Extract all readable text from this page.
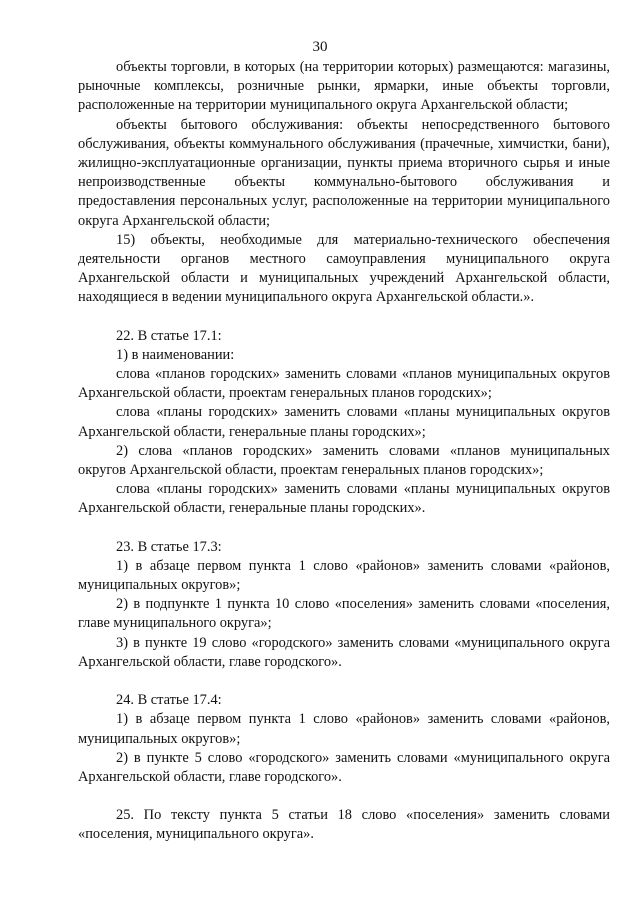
30

объекты торговли, в которых (на территории которых) размещаются: магазины, рыночные комплексы, розничные рынки, ярмарки, иные объекты торговли, расположенные на территории муниципального округа Архангельской области;

объекты бытового обслуживания: объекты непосредственного бытового обслуживания, объекты коммунального обслуживания (прачечные, химчистки, бани), жилищно-эксплуатационные организации, пункты приема вторичного сырья и иные непроизводственные объекты коммунально-бытового обслуживания и предоставления персональных услуг, расположенные на территории муниципального округа Архангельской области;

15) объекты, необходимые для материально-технического обеспечения деятельности органов местного самоуправления муниципального округа Архангельской области и муниципальных учреждений Архангельской области, находящиеся в ведении муниципального округа Архангельской области.».

22. В статье 17.1:

1) в наименовании:

слова «планов городских» заменить словами «планов муниципальных округов Архангельской области, проектам генеральных планов городских»;

слова «планы городских» заменить словами «планы муниципальных округов Архангельской области, генеральные планы городских»;

2) слова «планов городских» заменить словами «планов муниципальных округов Архангельской области, проектам генеральных планов городских»;

слова «планы городских» заменить словами «планы муниципальных округов Архангельской области, генеральные планы городских».

23. В статье 17.3:

1) в абзаце первом пункта 1 слово «районов» заменить словами «районов, муниципальных округов»;

2) в подпункте 1 пункта 10 слово «поселения» заменить словами «поселения, главе муниципального округа»;

3) в пункте 19 слово «городского» заменить словами «муниципального округа Архангельской области, главе городского».

24. В статье 17.4:

1) в абзаце первом пункта 1 слово «районов» заменить словами «районов, муниципальных округов»;

2) в пункте 5 слово «городского» заменить словами «муниципального округа Архангельской области, главе городского».

25. По тексту пункта 5 статьи 18 слово «поселения» заменить словами «поселения, муниципального округа».
